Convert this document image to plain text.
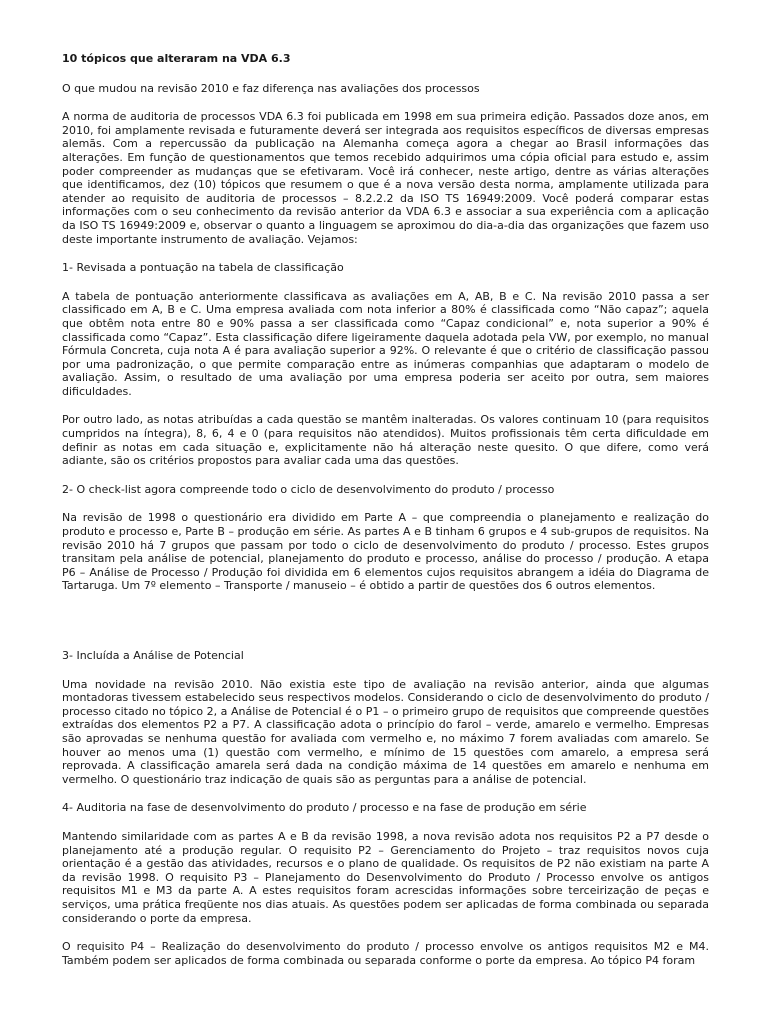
10 tópicos que alteraram na VDA 6.3

O que mudou na revisão 2010 e faz diferença nas avaliações dos processos

A norma de auditoria de processos VDA 6.3 foi publicada em 1998 em sua primeira edição. Passados doze anos, em 2010, foi amplamente revisada e futuramente deverá ser integrada aos requisitos específicos de diversas empresas alemãs. Com a repercussão da publicação na Alemanha começa agora a chegar ao Brasil informações das alterações. Em função de questionamentos que temos recebido adquirimos uma cópia oficial para estudo e, assim poder compreender as mudanças que se efetivaram. Você irá conhecer, neste artigo, dentre as várias alterações que identificamos, dez (10) tópicos que resumem o que é a nova versão desta norma, amplamente utilizada para atender ao requisito de auditoria de processos – 8.2.2.2 da ISO TS 16949:2009. Você poderá comparar estas informações com o seu conhecimento da revisão anterior da VDA 6.3 e associar a sua experiência com a aplicação da ISO TS 16949:2009 e, observar o quanto a linguagem se aproximou do dia-a-dia das organizações que fazem uso deste importante instrumento de avaliação. Vejamos:

1- Revisada a pontuação na tabela de classificação

A tabela de pontuação anteriormente classificava as avaliações em A, AB, B e C. Na revisão 2010 passa a ser classificado em A, B e C. Uma empresa avaliada com nota inferior a 80% é classificada como “Não capaz”; aquela que obtêm nota entre 80 e 90% passa a ser classificada como “Capaz condicional” e, nota superior a 90% é classificada como “Capaz”. Esta classificação difere ligeiramente daquela adotada pela VW, por exemplo, no manual Fórmula Concreta, cuja nota A é para avaliação superior a 92%. O relevante é que o critério de classificação passou por uma padronização, o que permite comparação entre as inúmeras companhias que adaptaram o modelo de avaliação. Assim, o resultado de uma avaliação por uma empresa poderia ser aceito por outra, sem maiores dificuldades.

Por outro lado, as notas atribuídas a cada questão se mantêm inalteradas. Os valores continuam 10 (para requisitos cumpridos na íntegra), 8, 6, 4 e 0 (para requisitos não atendidos). Muitos profissionais têm certa dificuldade em definir as notas em cada situação e, explicitamente não há alteração neste quesito. O que difere, como verá adiante, são os critérios propostos para avaliar cada uma das questões.

2- O check-list agora compreende todo o ciclo de desenvolvimento do produto / processo

Na revisão de 1998 o questionário era dividido em Parte A – que compreendia o planejamento e realização do produto e processo e, Parte B – produção em série. As partes A e B tinham 6 grupos e 4 sub-grupos de requisitos. Na revisão 2010 há 7 grupos que passam por todo o ciclo de desenvolvimento do produto / processo. Estes grupos transitam pela análise de potencial, planejamento do produto e processo, análise do processo / produção. A etapa P6 – Análise de Processo / Produção foi dividida em 6 elementos cujos requisitos abrangem a idéia do Diagrama de Tartaruga. Um 7º elemento – Transporte / manuseio – é obtido a partir de questões dos 6 outros elementos.

3- Incluída a Análise de Potencial

Uma novidade na revisão 2010. Não existia este tipo de avaliação na revisão anterior, ainda que algumas montadoras tivessem estabelecido seus respectivos modelos. Considerando o ciclo de desenvolvimento do produto / processo citado no tópico 2, a Análise de Potencial é o P1 – o primeiro grupo de requisitos que compreende questões extraídas dos elementos P2 a P7. A classificação adota o princípio do farol – verde, amarelo e vermelho. Empresas são aprovadas se nenhuma questão for avaliada com vermelho e, no máximo 7 forem avaliadas com amarelo. Se houver ao menos uma (1) questão com vermelho, e mínimo de 15 questões com amarelo, a empresa será reprovada. A classificação amarela será dada na condição máxima de 14 questões em amarelo e nenhuma em vermelho. O questionário traz indicação de quais são as perguntas para a análise de potencial.

4- Auditoria na fase de desenvolvimento do produto / processo e na fase de produção em série

Mantendo similaridade com as partes A e B da revisão 1998, a nova revisão adota nos requisitos P2 a P7 desde o planejamento até a produção regular. O requisito P2 – Gerenciamento do Projeto – traz requisitos novos cuja orientação é a gestão das atividades, recursos e o plano de qualidade. Os requisitos de P2 não existiam na parte A da revisão 1998. O requisito P3 – Planejamento do Desenvolvimento do Produto / Processo envolve os antigos requisitos M1 e M3 da parte A. A estes requisitos foram acrescidas informações sobre terceirização de peças e serviços, uma prática freqüente nos dias atuais. As questões podem ser aplicadas de forma combinada ou separada considerando o porte da empresa.

O requisito P4 – Realização do desenvolvimento do produto / processo envolve os antigos requisitos M2 e M4. Também podem ser aplicados de forma combinada ou separada conforme o porte da empresa. Ao tópico P4 foram
